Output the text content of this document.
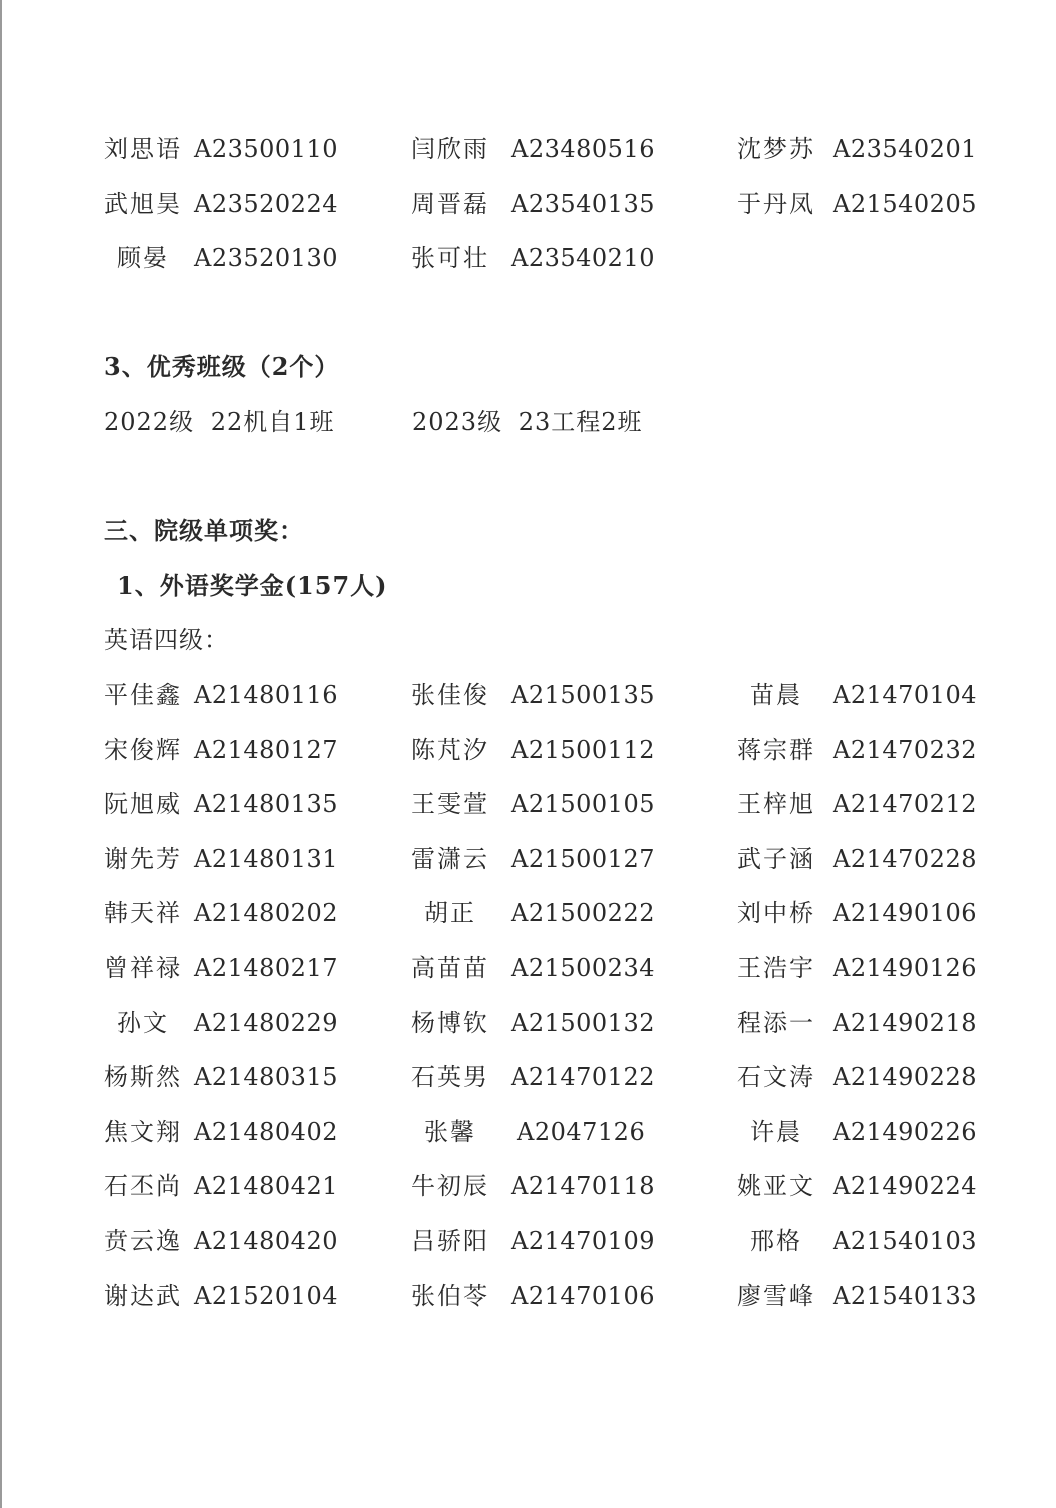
刘思语 A23500110	闫欣雨 A23480516	沈梦苏 A23540201
武旭昊 A23520224	周晋磊 A23540135	于丹凤 A21540205
顾晏	A23520130	张可壮 A23540210
3、优秀班级（2个）
2022级 22机自1班	2023级 23工程2班
三、院级单项奖：
1、外语奖学金(157人)
英语四级：
平佳鑫 A21480116	张佳俊 A21500135	苗晨	A21470104
宋俊辉 A21480127	陈芃汐 A21500112	蒋宗群 A21470232
阮旭威 A21480135	王雯萱 A21500105	王梓旭 A21470212
谢先芳 A21480131	雷潇云 A21500127	武子涵 A21470228
韩天祥 A21480202	胡正	A21500222	刘中桥 A21490106
曾祥禄 A21480217	高苗苗 A21500234	王浩宇 A21490126
孙文	A21480229	杨博钦 A21500132	程添一 A21490218
杨斯然 A21480315	石英男 A21470122	石文涛 A21490228
焦文翔 A21480402	张馨	A2047126	许晨	A21490226
石丕尚 A21480421	牛初辰 A21470118	姚亚文 A21490224
贲云逸 A21480420	吕骄阳 A21470109	邢格	A21540103
谢达武 A21520104	张伯苓 A21470106	廖雪峰 A21540133
